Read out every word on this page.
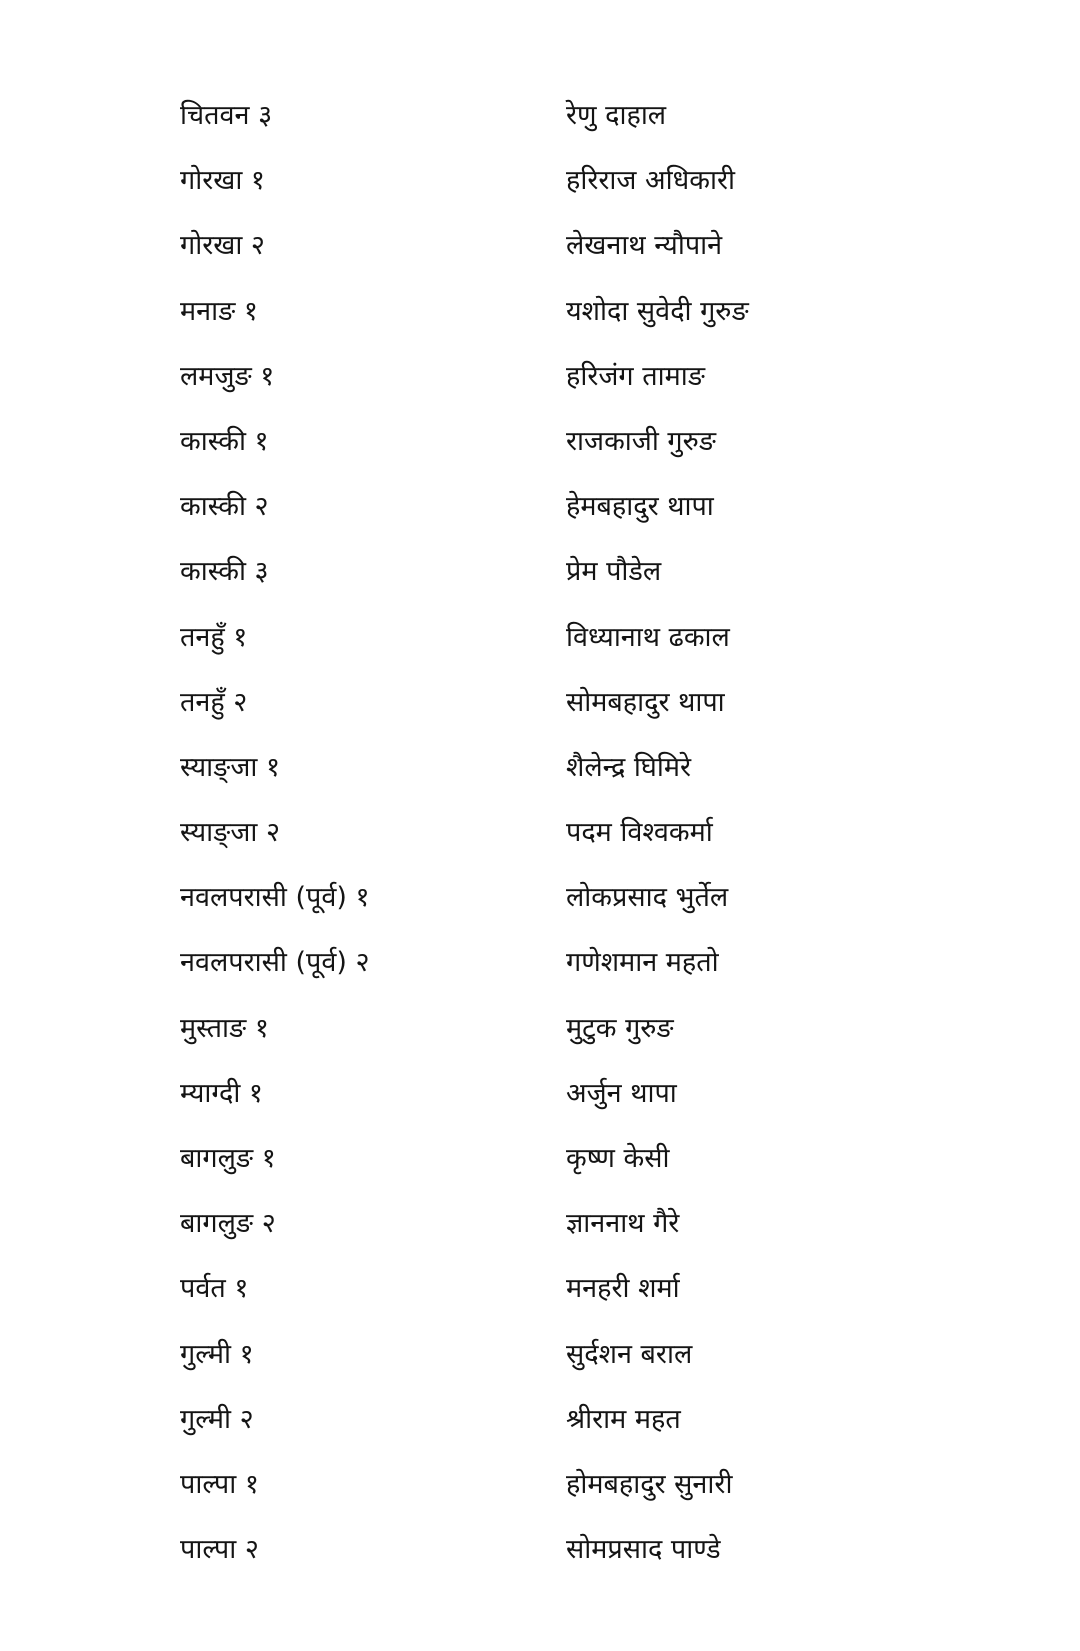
चितवन ३	रेणु दाहाल
गोरखा १	हरिराज अधिकारी
गोरखा २	लेखनाथ न्यौपाने
मनाङ १	यशोदा सुवेदी गुरुङ
लमजुङ १	हरिजंग तामाङ
कास्की १	राजकाजी गुरुङ
कास्की २	हेमबहादुर थापा
कास्की ३	प्रेम पौडेल
तनहुँ १	विध्यानाथ ढकाल
तनहुँ २	सोमबहादुर थापा
स्याङ्जा १	शैलेन्द्र घिमिरे
स्याङ्जा २	पदम विश्वकर्मा
नवलपरासी (पूर्व) १	लोकप्रसाद भुर्तेल
नवलपरासी (पूर्व) २	गणेशमान महतो
मुस्ताङ १	मुटुक गुरुङ
म्याग्दी १	अर्जुन थापा
बागलुङ १	कृष्ण केसी
बागलुङ २	ज्ञाननाथ गैरे
पर्वत १	मनहरी शर्मा
गुल्मी १	सुर्दशन बराल
गुल्मी २	श्रीराम महत
पाल्पा १	होमबहादुर सुनारी
पाल्पा २	सोमप्रसाद पाण्डे
